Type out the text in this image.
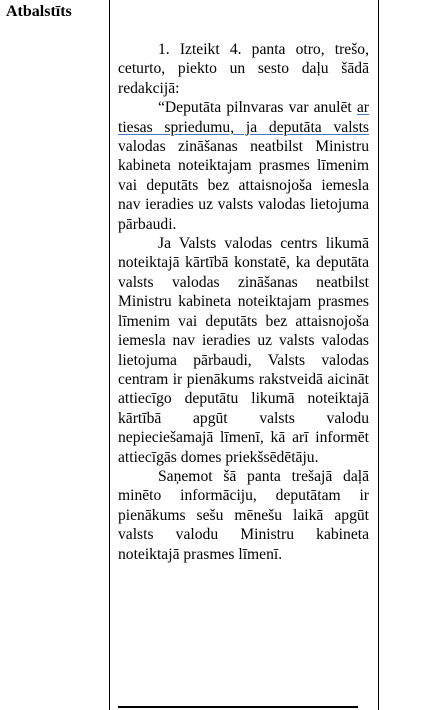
Atbalstīts

1. Izteikt 4. panta otro, trešo, ceturto, piekto un sesto daļu šādā redakcijā:

“Deputāta pilnvaras var anulēt ar tiesas spriedumu, ja deputāta valsts valodas zināšanas neatbilst Ministru kabineta noteiktajam prasmes līmenim vai deputāts bez attaisnojoša iemesla nav ieradies uz valsts valodas lietojuma pārbaudi.

Ja Valsts valodas centrs likumā noteiktajā kārtībā konstatē, ka deputāta valsts valodas zināšanas neatbilst Ministru kabineta noteiktajam prasmes līmenim vai deputāts bez attaisnojoša iemesla nav ieradies uz valsts valodas lietojuma pārbaudi, Valsts valodas centram ir pienākums rakstveidā aicināt attiecīgo deputātu likumā noteiktajā kārtībā apgūt valsts valodu nepieciešamajā līmenī, kā arī informēt attiecīgās domes priekšsēdētāju.

Saņemot šā panta trešajā daļā minēto informāciju, deputātam ir pienākums sešu mēnešu laikā apgūt valsts valodu Ministru kabineta noteiktajā prasmes līmenī.
